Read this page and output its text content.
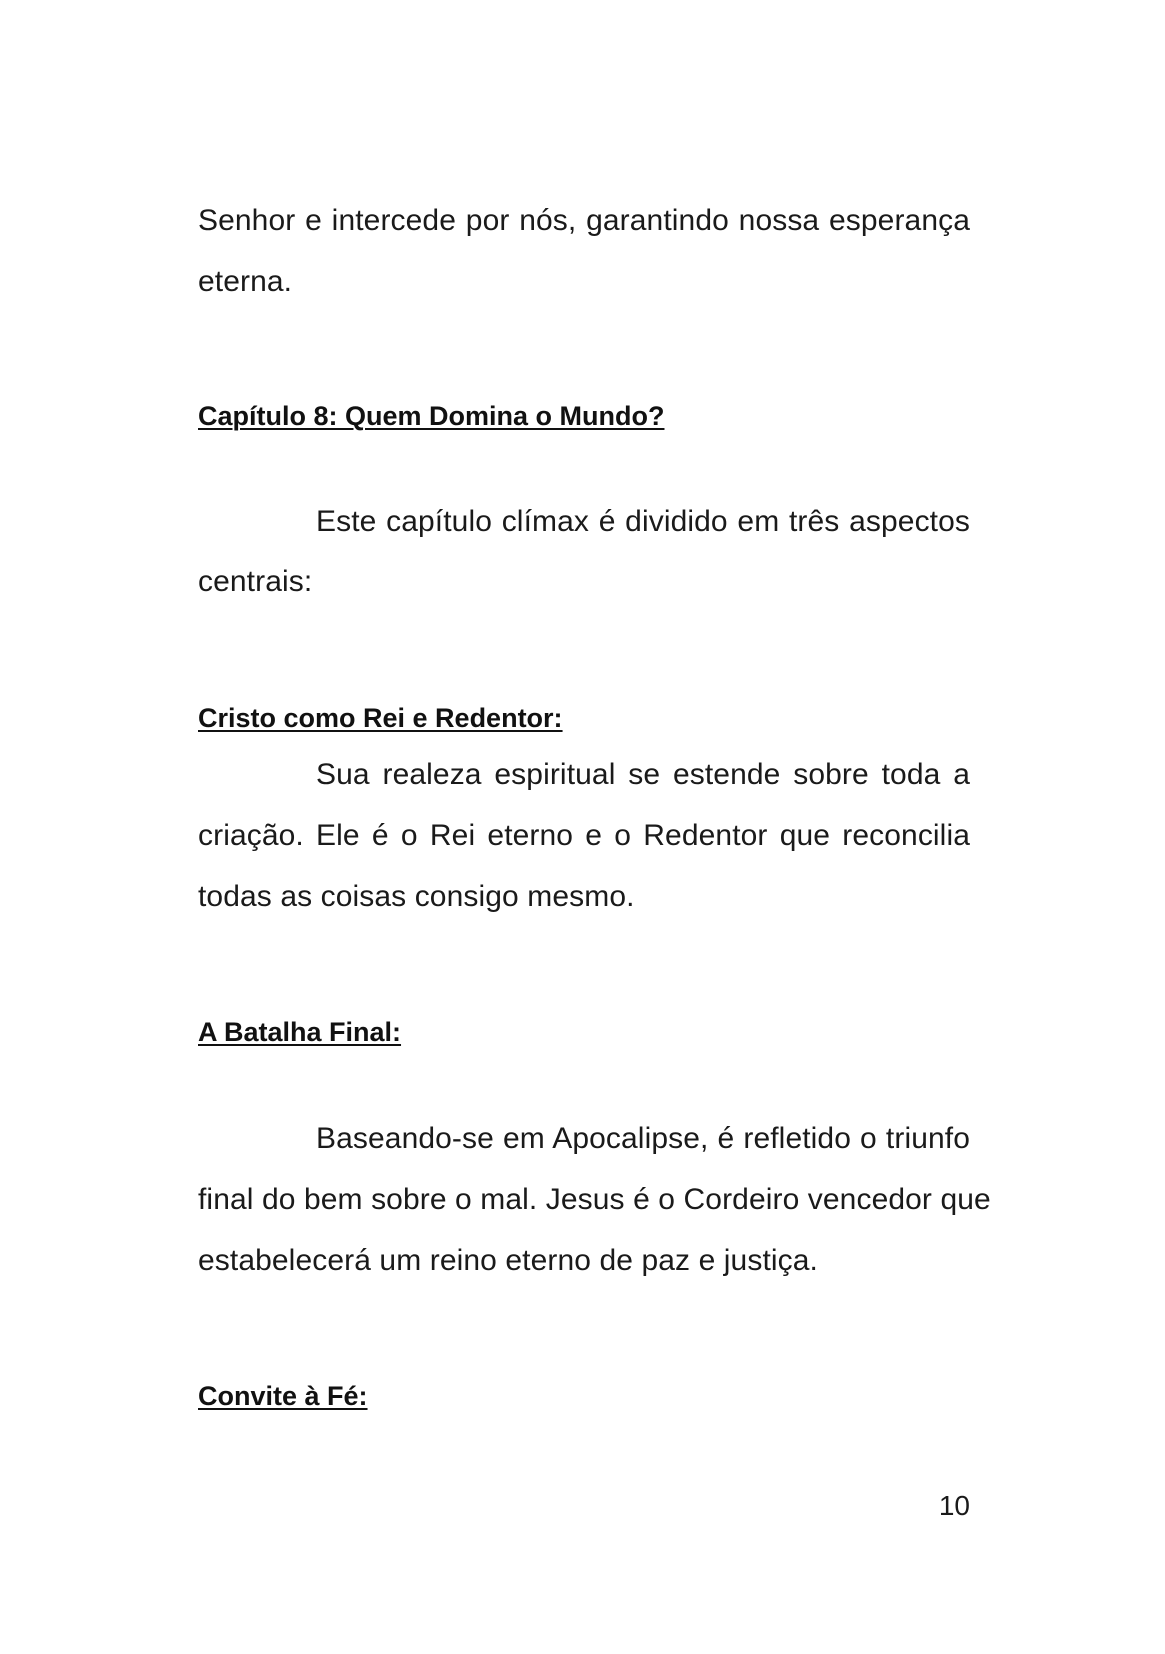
Senhor e intercede por nós, garantindo nossa esperança
eterna.
Capítulo 8: Quem Domina o Mundo?
Este capítulo clímax é dividido em três aspectos
centrais:
Cristo como Rei e Redentor:
Sua realeza espiritual se estende sobre toda a
criação. Ele é o Rei eterno e o Redentor que reconcilia
todas as coisas consigo mesmo.
A Batalha Final:
Baseando-se em Apocalipse, é refletido o triunfo
final do bem sobre o mal. Jesus é o Cordeiro vencedor que
estabelecerá um reino eterno de paz e justiça.
Convite à Fé:
10
